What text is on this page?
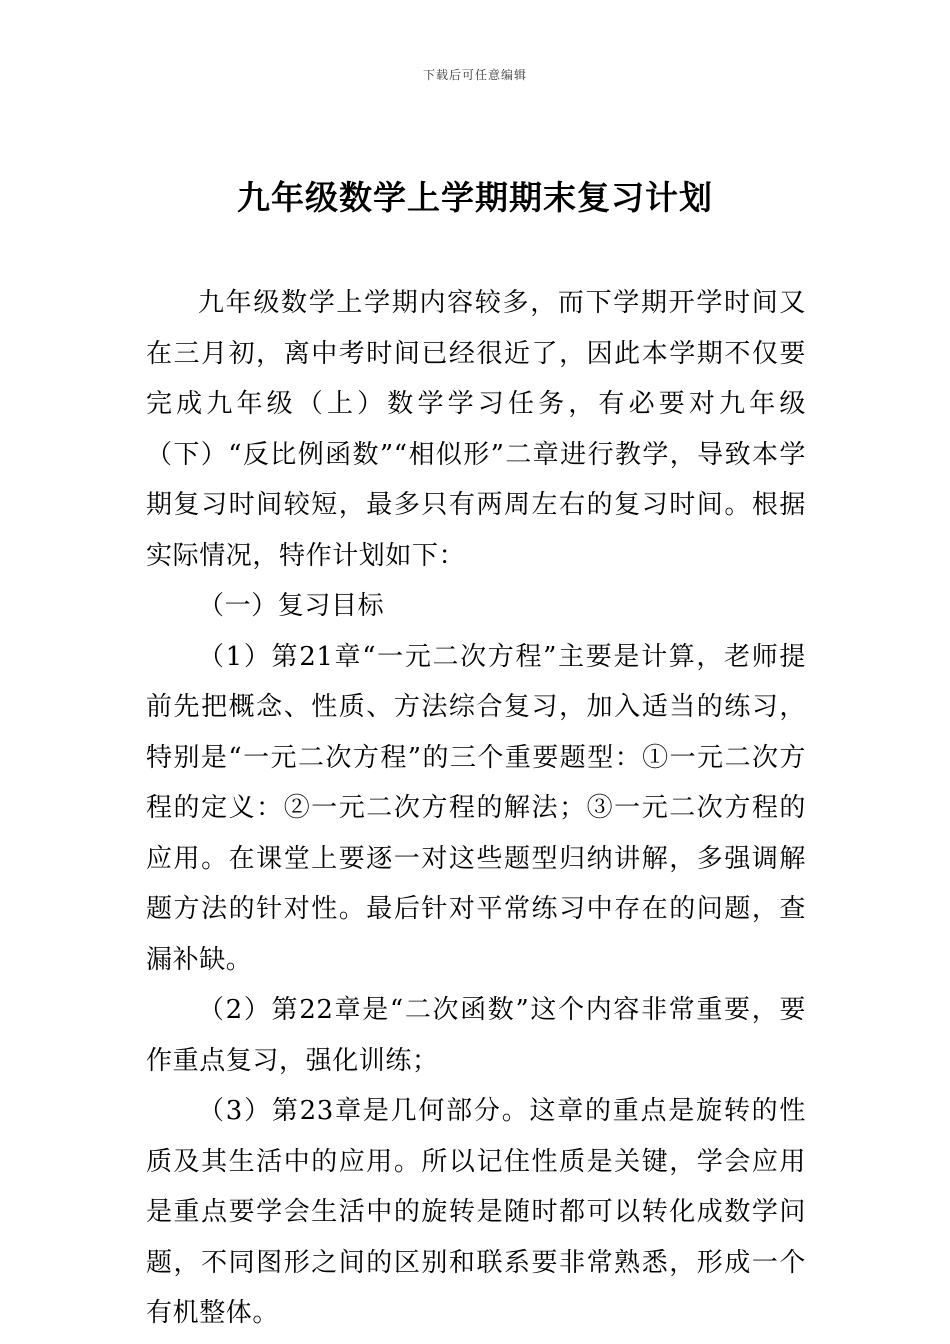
下载后可任意编辑
九年级数学上学期期末复习计划

九年级数学上学期内容较多，而下学期开学时间又在三月初，离中考时间已经很近了，因此本学期不仅要完成九年级（上）数学学习任务，有必要对九年级（下）“反比例函数”“相似形”二章进行教学，导致本学期复习时间较短，最多只有两周左右的复习时间。根据实际情况，特作计划如下：

（一）复习目标

（1）第21章“一元二次方程”主要是计算，老师提前先把概念、性质、方法综合复习，加入适当的练习，特别是“一元二次方程”的三个重要题型：①一元二次方程的定义：②一元二次方程的解法；③一元二次方程的应用。在课堂上要逐一对这些题型归纳讲解，多强调解题方法的针对性。最后针对平常练习中存在的问题，查漏补缺。

（2）第22章是“二次函数”这个内容非常重要，要作重点复习，强化训练；

（3）第23章是几何部分。这章的重点是旋转的性质及其生活中的应用。所以记住性质是关键，学会应用是重点要学会生活中的旋转是随时都可以转化成数学问题，不同图形之间的区别和联系要非常熟悉，形成一个有机整体。
